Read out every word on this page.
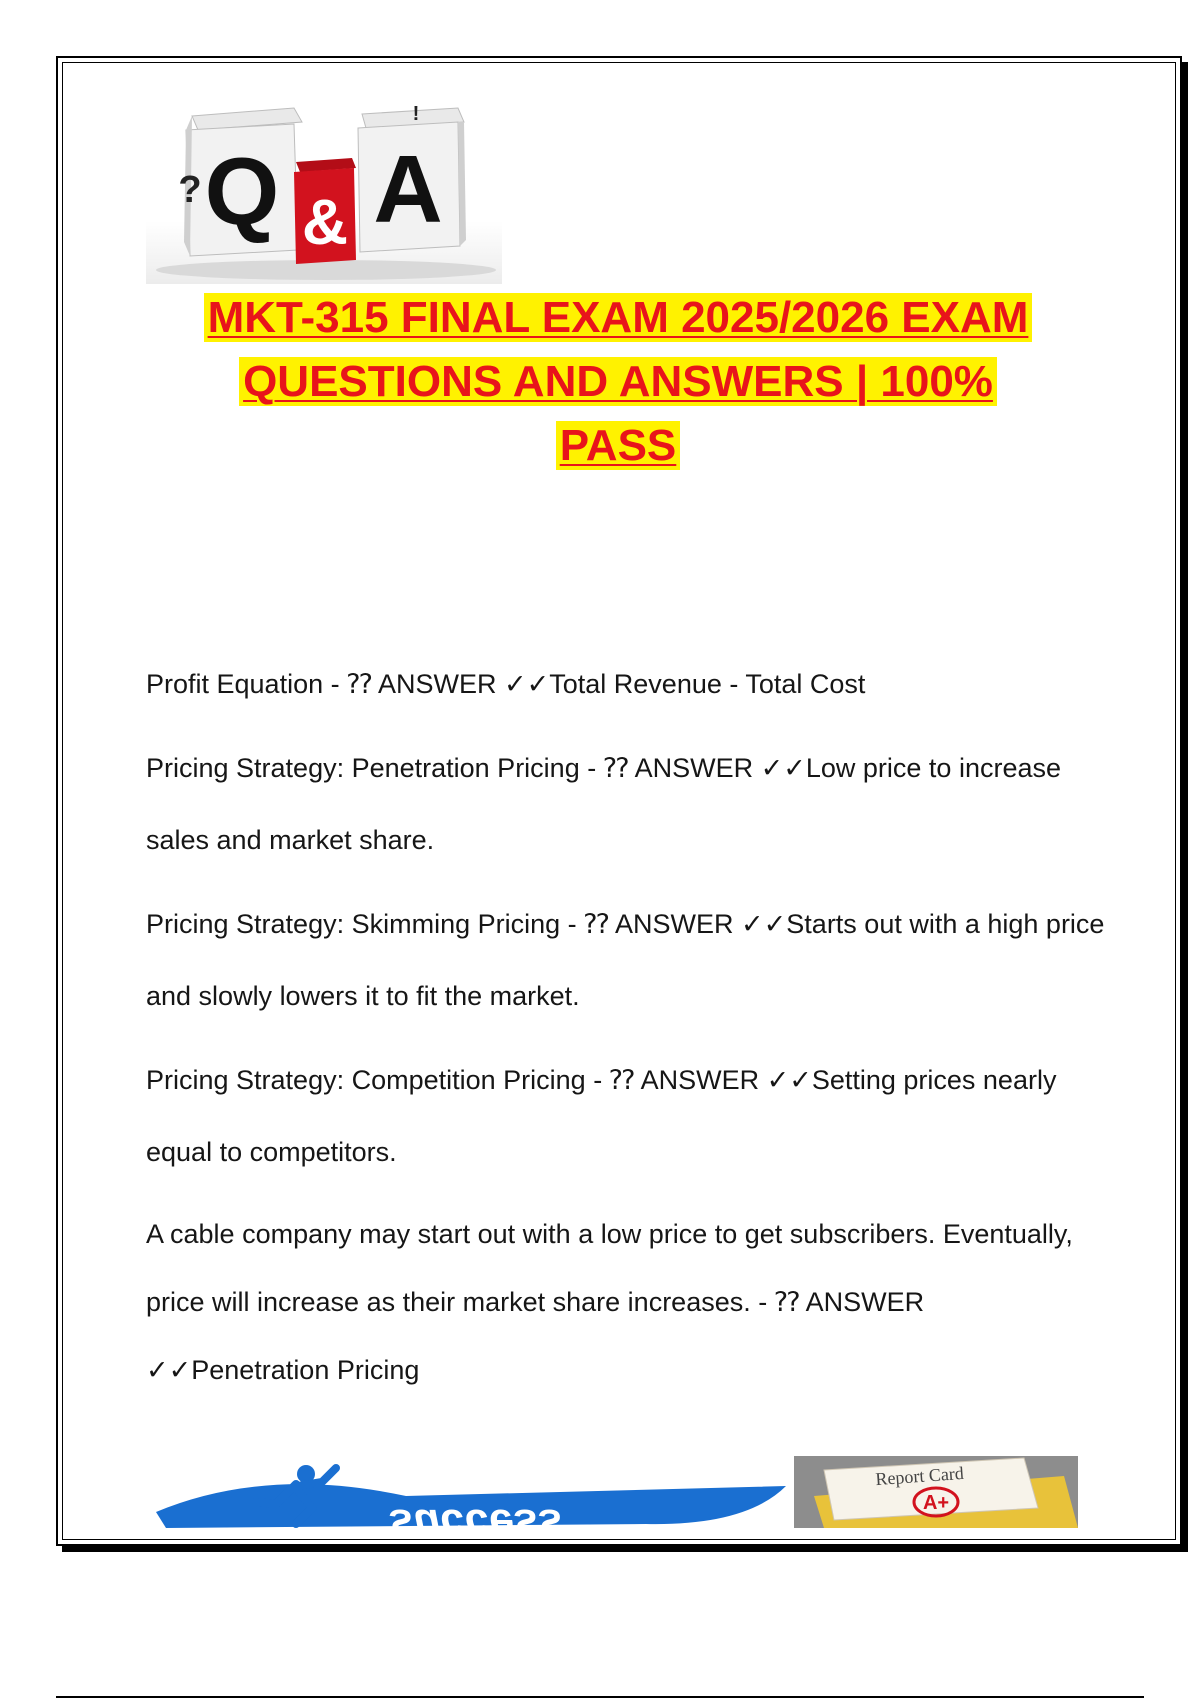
Q
? A
!
&
MKT-315 FINAL EXAM 2025/2026 EXAM
QUESTIONS AND ANSWERS | 100%
PASS

Profit Equation - ⁇ ANSWER ✓✓Total Revenue - Total Cost

Pricing Strategy: Penetration Pricing - ⁇ ANSWER ✓✓Low price to increase sales and market share.

Pricing Strategy: Skimming Pricing - ⁇ ANSWER ✓✓Starts out with a high price and slowly lowers it to fit the market.

Pricing Strategy: Competition Pricing - ⁇ ANSWER ✓✓Setting prices nearly equal to competitors.

A cable company may start out with a low price to get subscribers. Eventually, price will increase as their market share increases. - ⁇ ANSWER ✓✓Penetration Pricing

success
Report Card
A+
